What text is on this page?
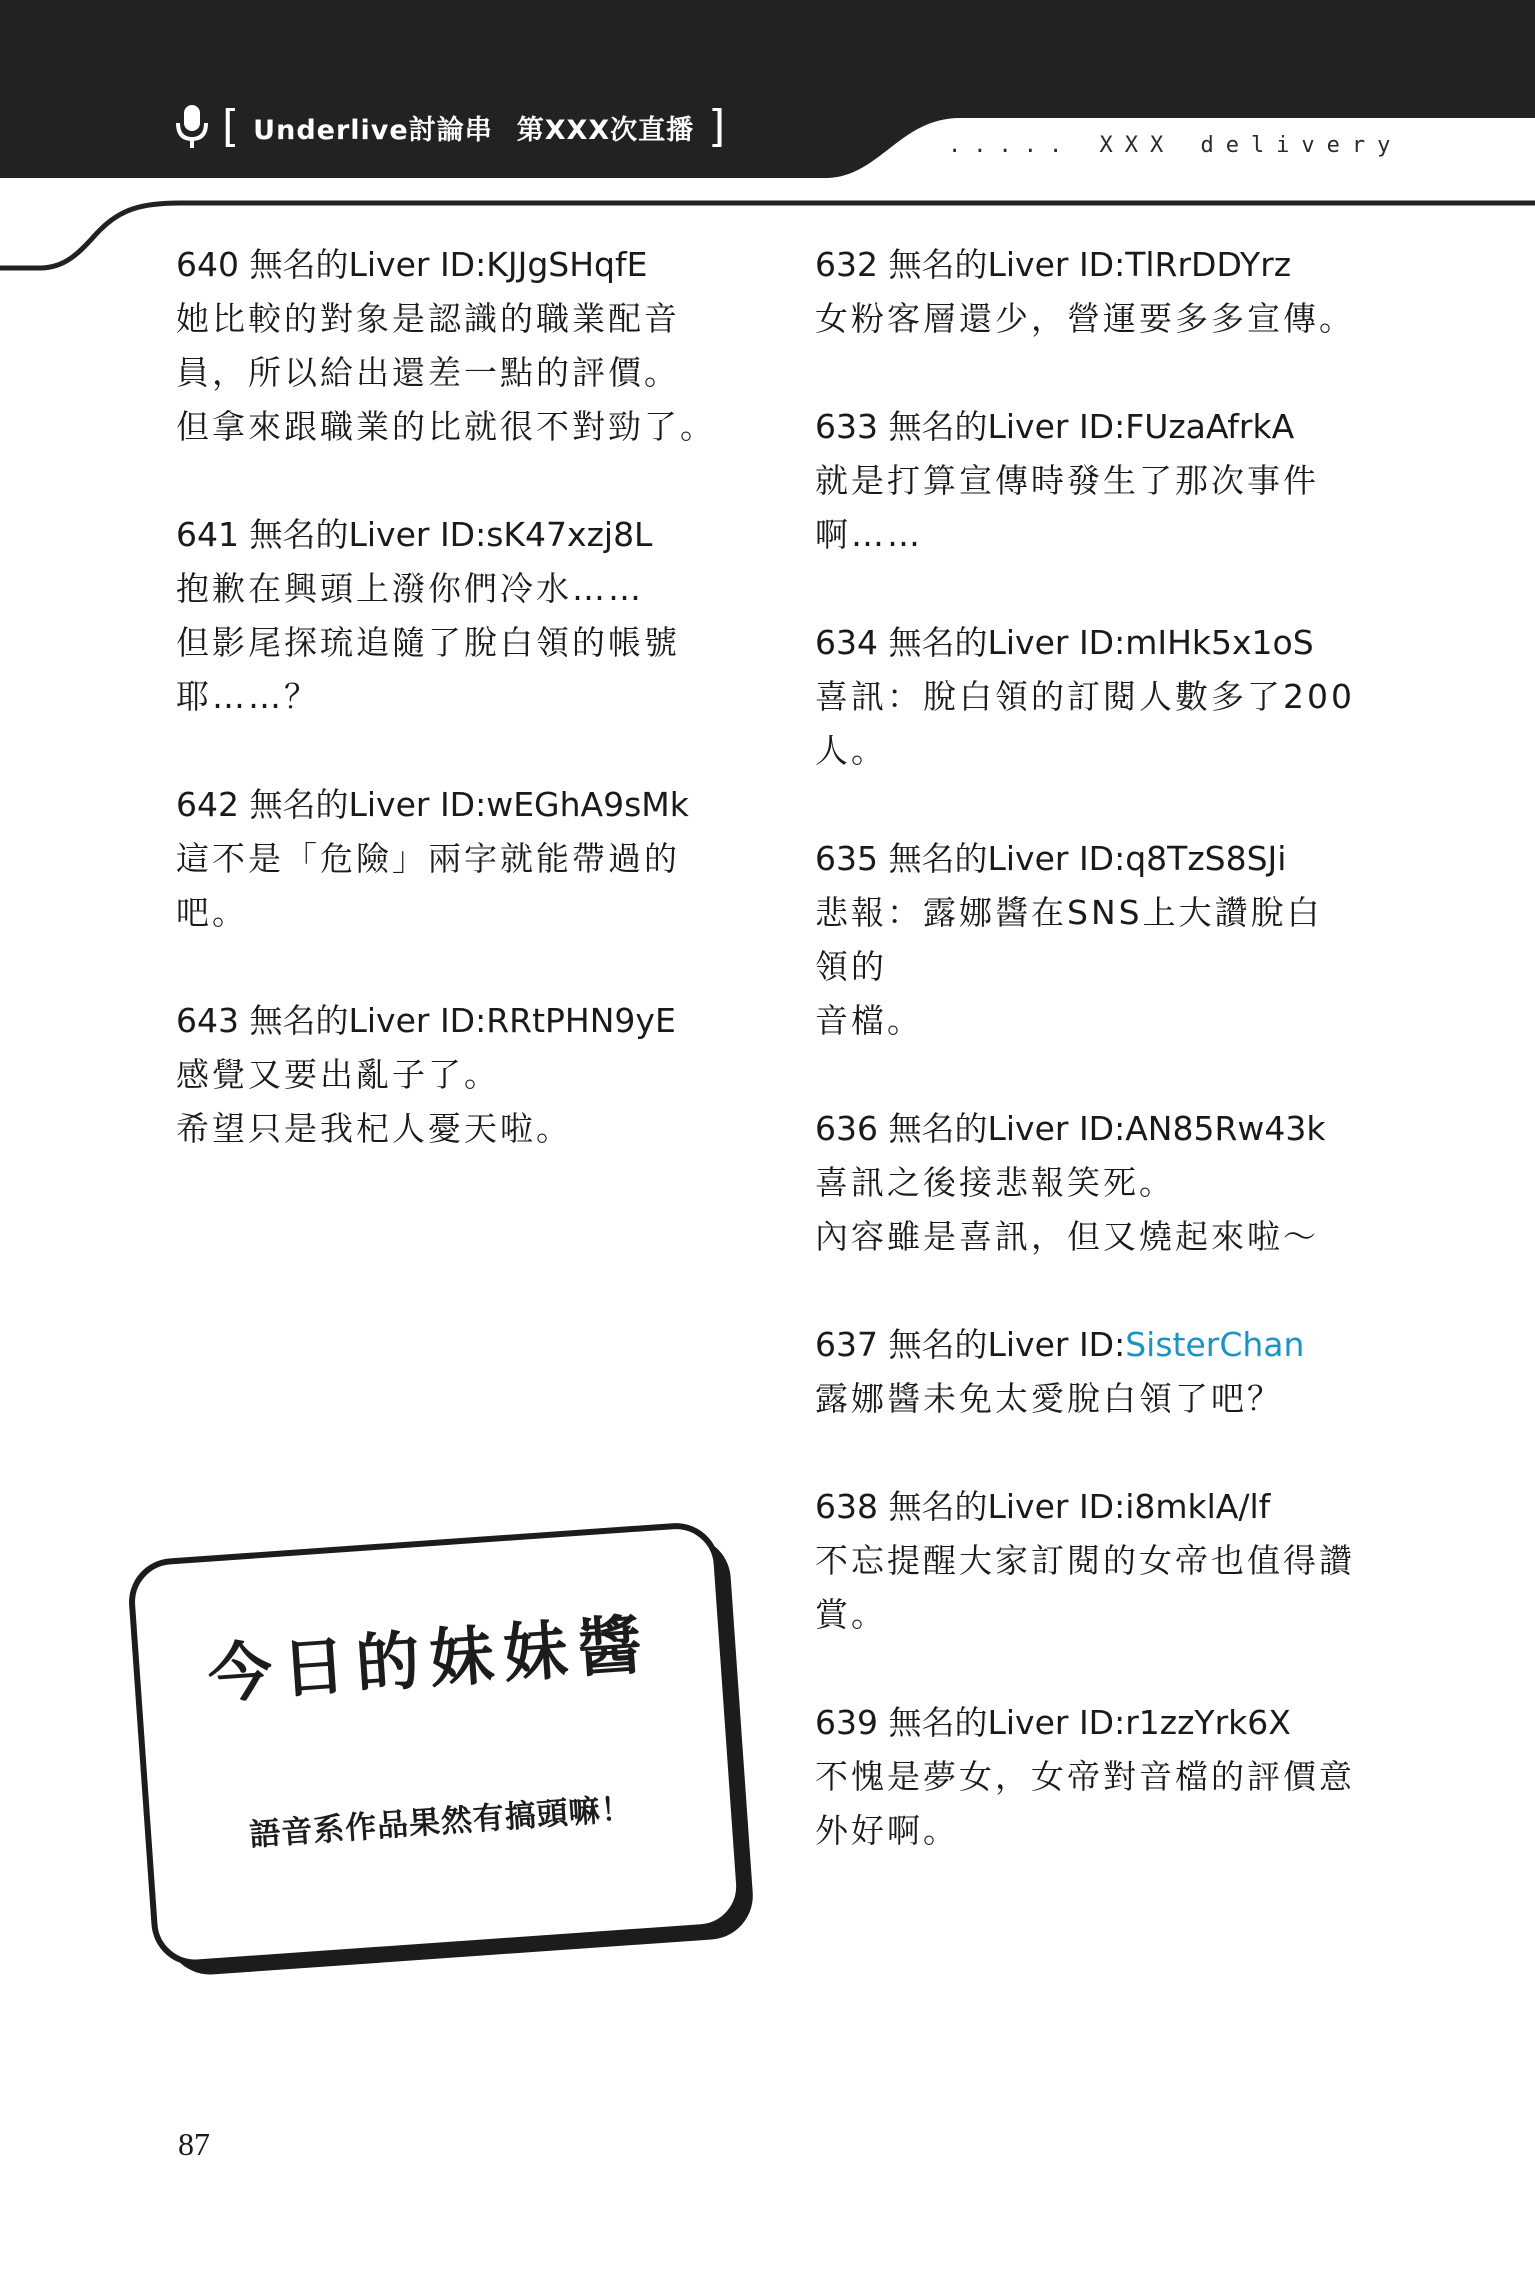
[ Underlive討論串 第XXX次直播 ]	..... XXX delivery
640 無名的Liver ID:KJJgSHqfE
她比較的對象是認識的職業配音
員，所以給出還差一點的評價。
但拿來跟職業的比就很不對勁了。
641 無名的Liver ID:sK47xzj8L
抱歉在興頭上潑你們冷水……
但影尾探琉追隨了脫白領的帳號
耶……？
642 無名的Liver ID:wEGhA9sMk
這不是「危險」兩字就能帶過的吧。
643 無名的Liver ID:RRtPHN9yE
感覺又要出亂子了。
希望只是我杞人憂天啦。
632 無名的Liver ID:TlRrDDYrz
女粉客層還少，營運要多多宣傳。
633 無名的Liver ID:FUzaAfrkA
就是打算宣傳時發生了那次事件
啊……
634 無名的Liver ID:mIHk5x1oS
喜訊：脫白領的訂閱人數多了200
人。
635 無名的Liver ID:q8TzS8SJi
悲報：露娜醬在SNS上大讚脫白領的
音檔。
636 無名的Liver ID:AN85Rw43k
喜訊之後接悲報笑死。
內容雖是喜訊，但又燒起來啦～
637 無名的Liver ID:SisterChan
露娜醬未免太愛脫白領了吧？
638 無名的Liver ID:i8mklA/lf
不忘提醒大家訂閱的女帝也值得讚
賞。
639 無名的Liver ID:r1zzYrk6X
不愧是夢女，女帝對音檔的評價意
外好啊。
今日的妹妹醬
語音系作品果然有搞頭嘛！
87
